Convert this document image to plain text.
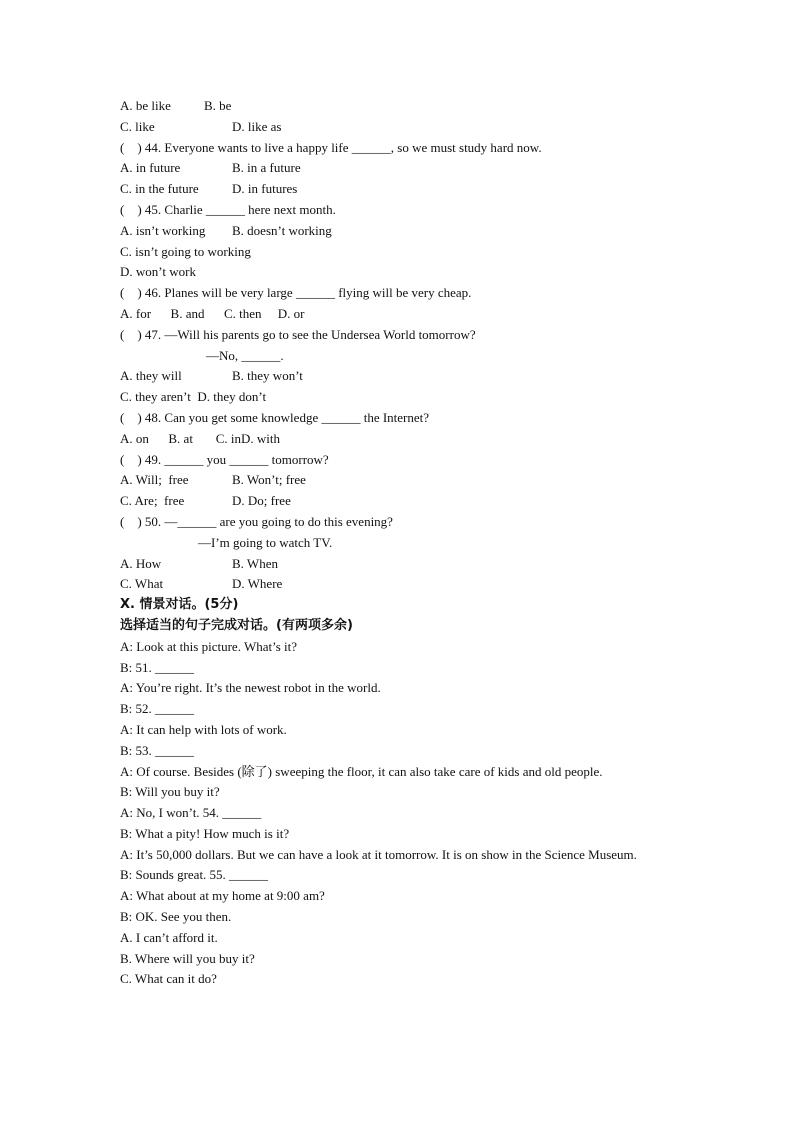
A. be like	B. be
C. like	D. like as
(    ) 44. Everyone wants to live a happy life ______, so we must study hard now.
A. in future	B. in a future
C. in the future	D. in futures
(    ) 45. Charlie ______ here next month.
A. isn’t working B. doesn’t working
C. isn’t going to working
D. won’t work
(    ) 46. Planes will be very large ______ flying will be very cheap.
A. for      B. and      C. then     D. or
(    ) 47. —Will his parents go to see the Undersea World tomorrow?
—No, ______.
A. they will	B. they won’t
C. they aren’t  D. they don’t
(    ) 48. Can you get some knowledge ______ the Internet?
A. on      B. at       C. inD. with
(    ) 49. ______ you ______ tomorrow?
A. Will;  free	B. Won’t; free
C. Are;  free	D. Do; free
(    ) 50. —______ are you going to do this evening?
—I’m going to watch TV.
A. How	B. When
C. What	D. Where
X. 情景对话。(5分)
选择适当的句子完成对话。(有两项多余)
A: Look at this picture. What’s it?
B: 51. ______
A: You’re right. It’s the newest robot in the world.
B: 52. ______
A: It can help with lots of work.
B: 53. ______
A: Of course. Besides (除了) sweeping the floor, it can also take care of kids and old people.
B: Will you buy it?
A: No, I won’t. 54. ______
B: What a pity! How much is it?
A: It’s 50,000 dollars. But we can have a look at it tomorrow. It is on show in the Science Museum.
B: Sounds great. 55. ______
A: What about at my home at 9:00 am?
B: OK. See you then.
A. I can’t afford it.
B. Where will you buy it?
C. What can it do?
